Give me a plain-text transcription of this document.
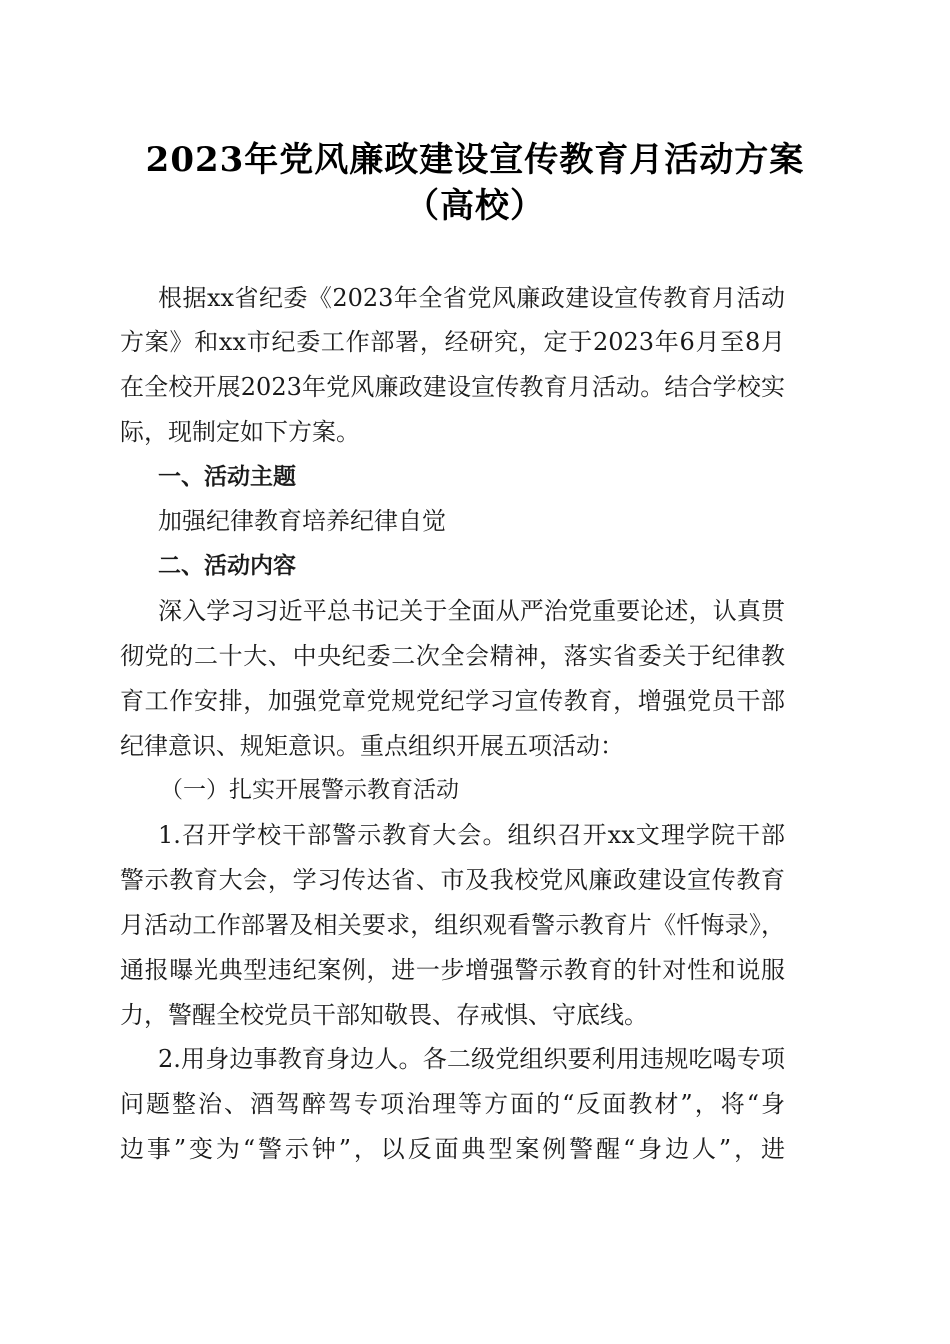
2023年党风廉政建设宣传教育月活动方案
（高校）
根据xx省纪委《2023年全省党风廉政建设宣传教育月活动
方案》和xx市纪委工作部署，经研究，定于2023年6月至8月
在全校开展2023年党风廉政建设宣传教育月活动。结合学校实
际，现制定如下方案。
一、活动主题
加强纪律教育培养纪律自觉
二、活动内容
深入学习习近平总书记关于全面从严治党重要论述，认真贯
彻党的二十大、中央纪委二次全会精神，落实省委关于纪律教
育工作安排，加强党章党规党纪学习宣传教育，增强党员干部
纪律意识、规矩意识。重点组织开展五项活动：
（一）扎实开展警示教育活动
1.召开学校干部警示教育大会。组织召开xx文理学院干部
警示教育大会，学习传达省、市及我校党风廉政建设宣传教育
月活动工作部署及相关要求，组织观看警示教育片《忏悔录》，
通报曝光典型违纪案例，进一步增强警示教育的针对性和说服
力，警醒全校党员干部知敬畏、存戒惧、守底线。
2.用身边事教育身边人。各二级党组织要利用违规吃喝专项
问题整治、酒驾醉驾专项治理等方面的“反面教材”，将“身
边事”变为“警示钟”，以反面典型案例警醒“身边人”，进
